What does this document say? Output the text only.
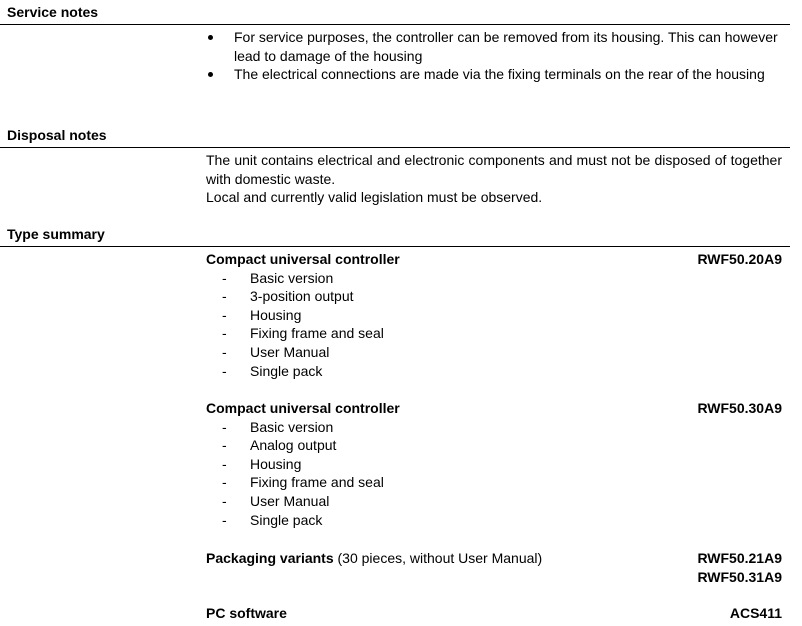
Service notes
For service purposes, the controller can be removed from its housing. This can however lead to damage of the housing
The electrical connections are made via the fixing terminals on the rear of the housing
Disposal notes
The unit contains electrical and electronic components and must not be disposed of together with domestic waste.
Local and currently valid legislation must be observed.
Type summary
Compact universal controller	RWF50.20A9
- Basic version
- 3-position output
- Housing
- Fixing frame and seal
- User Manual
- Single pack
Compact universal controller	RWF50.30A9
- Basic version
- Analog output
- Housing
- Fixing frame and seal
- User Manual
- Single pack
Packaging variants (30 pieces, without User Manual)	RWF50.21A9
RWF50.31A9
PC software	ACS411
